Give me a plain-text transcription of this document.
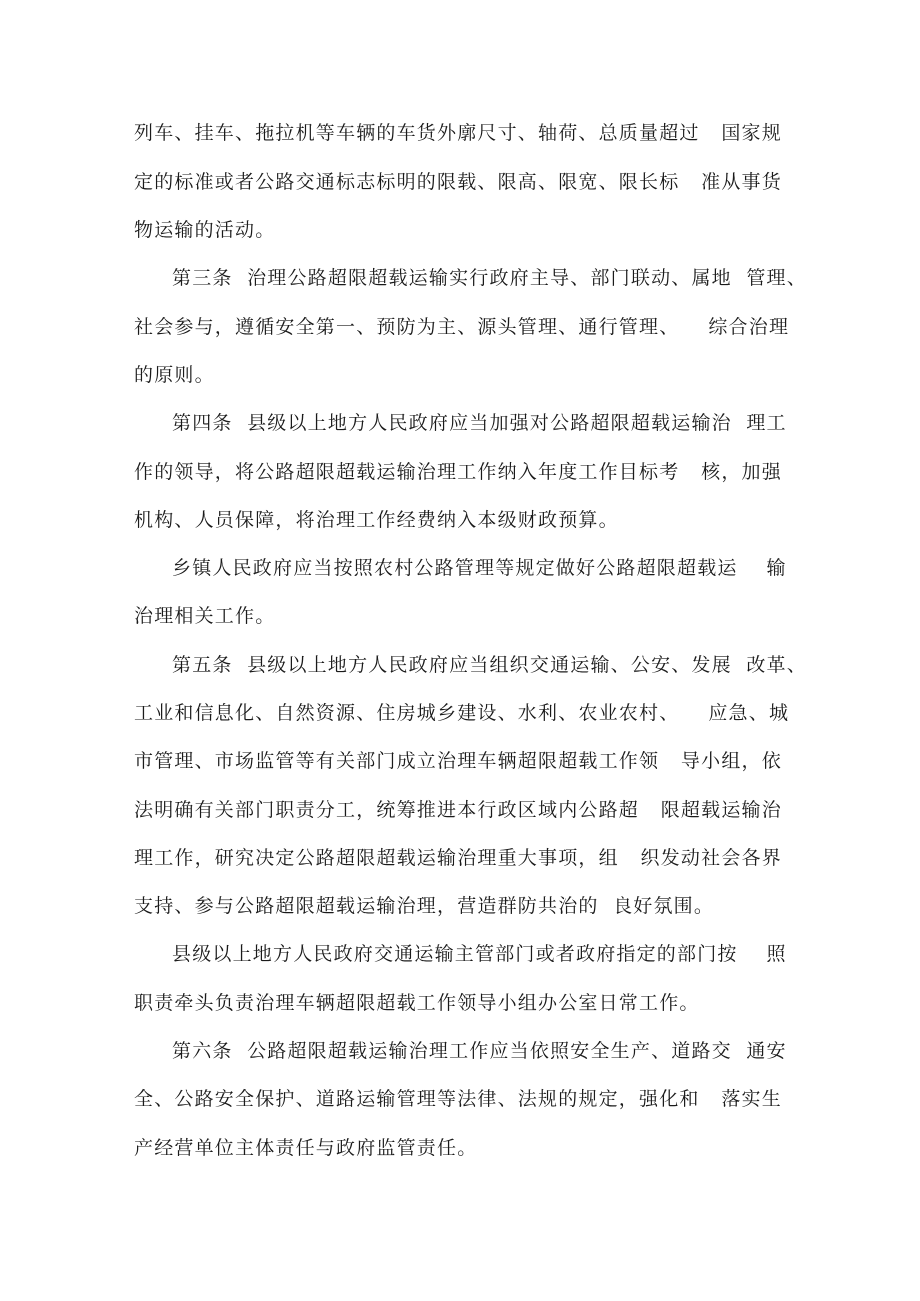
列车、挂车、拖拉机等车辆的车货外廓尺寸、轴荷、总质量超过   国家规
定的标准或者公路交通标志标明的限载、限高、限宽、限长标   准从事货
物运输的活动。
第三条  治理公路超限超载运输实行政府主导、部门联动、属地  管理、
社会参与，遵循安全第一、预防为主、源头管理、通行管理、    综合治理
的原则。
第四条  县级以上地方人民政府应当加强对公路超限超载运输治  理工
作的领导，将公路超限超载运输治理工作纳入年度工作目标考   核，加强
机构、人员保障，将治理工作经费纳入本级财政预算。
乡镇人民政府应当按照农村公路管理等规定做好公路超限超载运    输
治理相关工作。
第五条  县级以上地方人民政府应当组织交通运输、公安、发展  改革、
工业和信息化、自然资源、住房城乡建设、水利、农业农村、    应急、城
市管理、市场监管等有关部门成立治理车辆超限超载工作领   导小组，依
法明确有关部门职责分工，统筹推进本行政区域内公路超   限超载运输治
理工作，研究决定公路超限超载运输治理重大事项，组   织发动社会各界
支持、参与公路超限超载运输治理，营造群防共治的  良好氛围。
县级以上地方人民政府交通运输主管部门或者政府指定的部门按    照
职责牵头负责治理车辆超限超载工作领导小组办公室日常工作。
第六条  公路超限超载运输治理工作应当依照安全生产、道路交  通安
全、公路安全保护、道路运输管理等法律、法规的规定，强化和   落实生
产经营单位主体责任与政府监管责任。
